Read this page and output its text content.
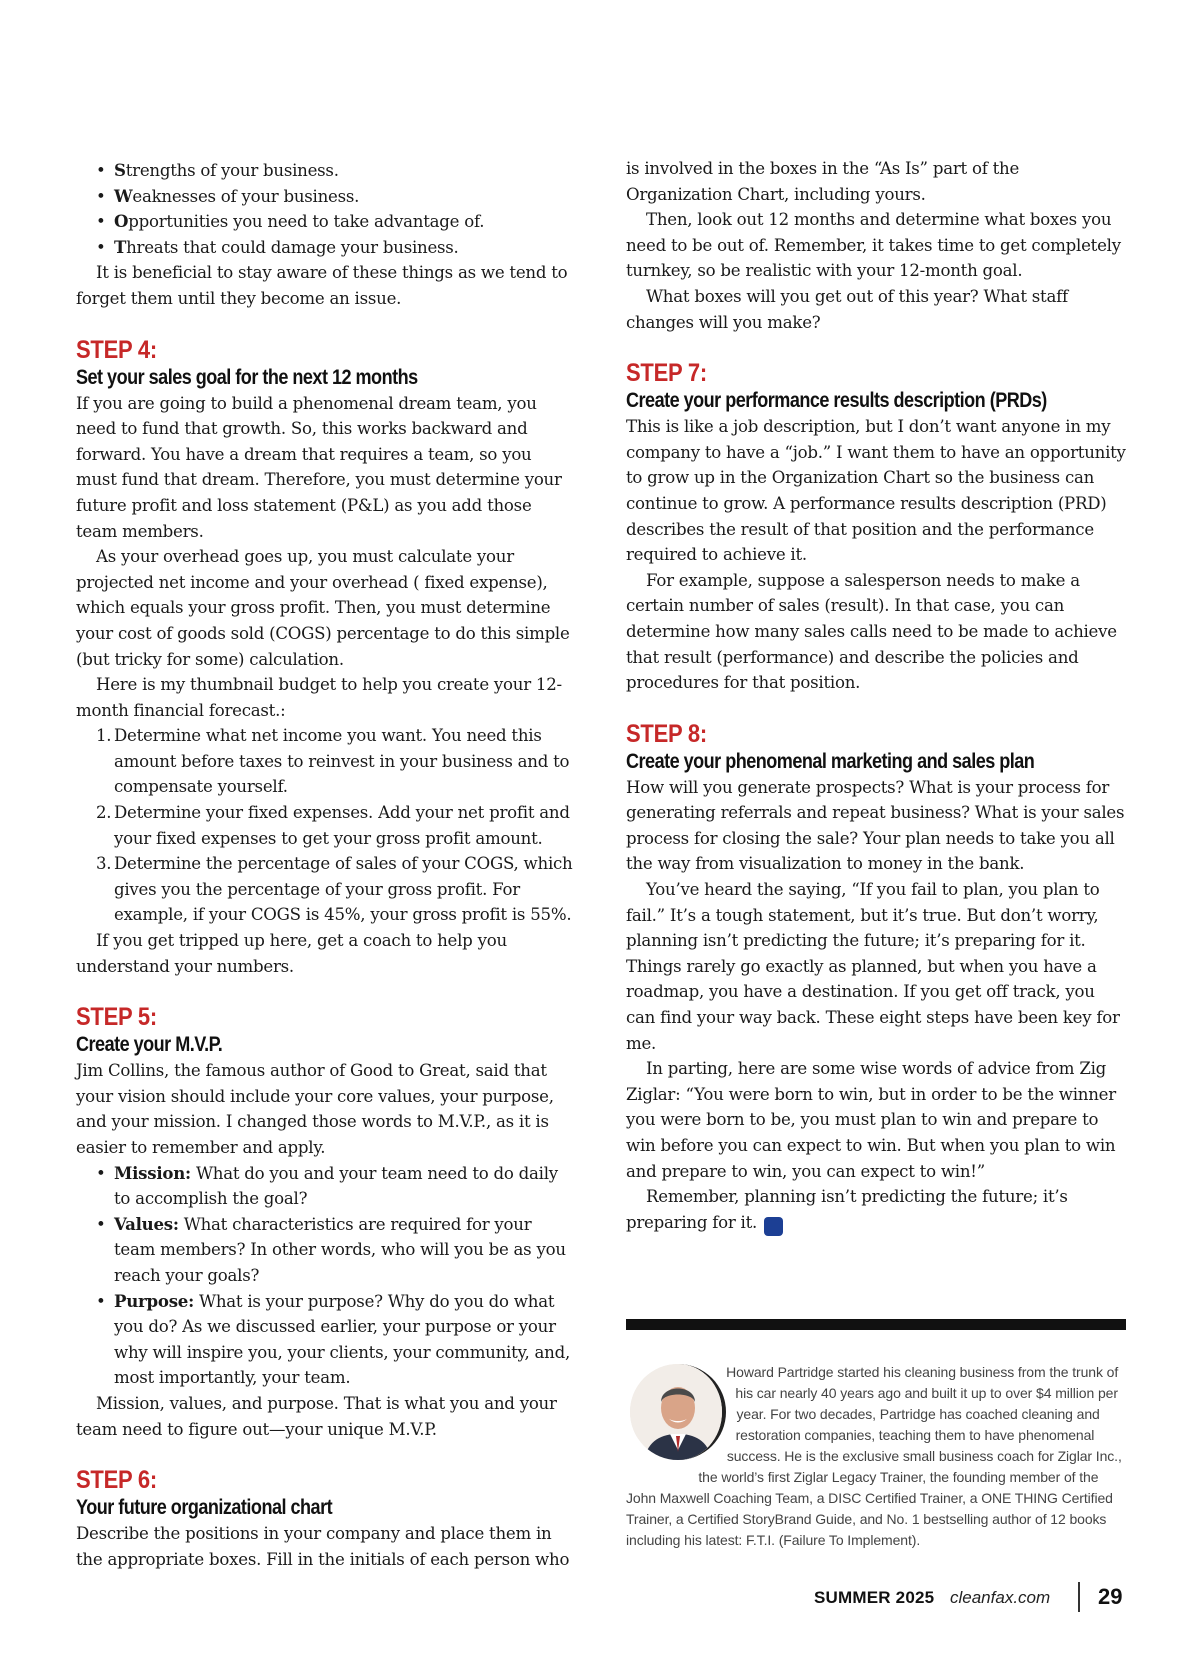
• Strengths of your business.
• Weaknesses of your business.
• Opportunities you need to take advantage of.
• Threats that could damage your business.

It is beneficial to stay aware of these things as we tend to forget them until they become an issue.

STEP 4:
Set your sales goal for the next 12 months

If you are going to build a phenomenal dream team, you need to fund that growth. So, this works backward and forward. You have a dream that requires a team, so you must fund that dream. Therefore, you must determine your future profit and loss statement (P&L) as you add those team members.

As your overhead goes up, you must calculate your projected net income and your overhead ( fixed expense), which equals your gross profit. Then, you must determine your cost of goods sold (COGS) percentage to do this simple (but tricky for some) calculation.

Here is my thumbnail budget to help you create your 12-month financial forecast.:

1. Determine what net income you want. You need this amount before taxes to reinvest in your business and to compensate yourself.
2. Determine your fixed expenses. Add your net profit and your fixed expenses to get your gross profit amount.
3. Determine the percentage of sales of your COGS, which gives you the percentage of your gross profit. For example, if your COGS is 45%, your gross profit is 55%.

If you get tripped up here, get a coach to help you understand your numbers.

STEP 5:
Create your M.V.P.

Jim Collins, the famous author of Good to Great, said that your vision should include your core values, your purpose, and your mission. I changed those words to M.V.P., as it is easier to remember and apply.

• Mission: What do you and your team need to do daily to accomplish the goal?
• Values: What characteristics are required for your team members? In other words, who will you be as you reach your goals?
• Purpose: What is your purpose? Why do you do what you do? As we discussed earlier, your purpose or your why will inspire you, your clients, your community, and, most importantly, your team.

Mission, values, and purpose. That is what you and your team need to figure out—your unique M.V.P.

STEP 6:
Your future organizational chart

Describe the positions in your company and place them in the appropriate boxes. Fill in the initials of each person who

is involved in the boxes in the “As Is” part of the Organization Chart, including yours.

Then, look out 12 months and determine what boxes you need to be out of. Remember, it takes time to get completely turnkey, so be realistic with your 12-month goal.

What boxes will you get out of this year? What staff changes will you make?

STEP 7:
Create your performance results description (PRDs)

This is like a job description, but I don’t want anyone in my company to have a “job.” I want them to have an opportunity to grow up in the Organization Chart so the business can continue to grow. A performance results description (PRD) describes the result of that position and the performance required to achieve it.

For example, suppose a salesperson needs to make a certain number of sales (result). In that case, you can determine how many sales calls need to be made to achieve that result (performance) and describe the policies and procedures for that position.

STEP 8:
Create your phenomenal marketing and sales plan

How will you generate prospects? What is your process for generating referrals and repeat business? What is your sales process for closing the sale? Your plan needs to take you all the way from visualization to money in the bank.

You’ve heard the saying, “If you fail to plan, you plan to fail.” It’s a tough statement, but it’s true. But don’t worry, planning isn’t predicting the future; it’s preparing for it. Things rarely go exactly as planned, but when you have a roadmap, you have a destination. If you get off track, you can find your way back. These eight steps have been key for me.

In parting, here are some wise words of advice from Zig Ziglar: “You were born to win, but in order to be the winner you were born to be, you must plan to win and prepare to win before you can expect to win. But when you plan to win and prepare to win, you can expect to win!”

Remember, planning isn’t predicting the future; it’s preparing for it. CF

Howard Partridge started his cleaning business from the trunk of his car nearly 40 years ago and built it up to over $4 million per year. For two decades, Partridge has coached cleaning and restoration companies, teaching them to have phenomenal success. He is the exclusive small business coach for Ziglar Inc., the world’s first Ziglar Legacy Trainer, the founding member of the John Maxwell Coaching Team, a DISC Certified Trainer, a ONE THING Certified Trainer, a Certified StoryBrand Guide, and No. 1 bestselling author of 12 books including his latest: F.T.I. (Failure To Implement).
SUMMER 2025 cleanfax.com 29
